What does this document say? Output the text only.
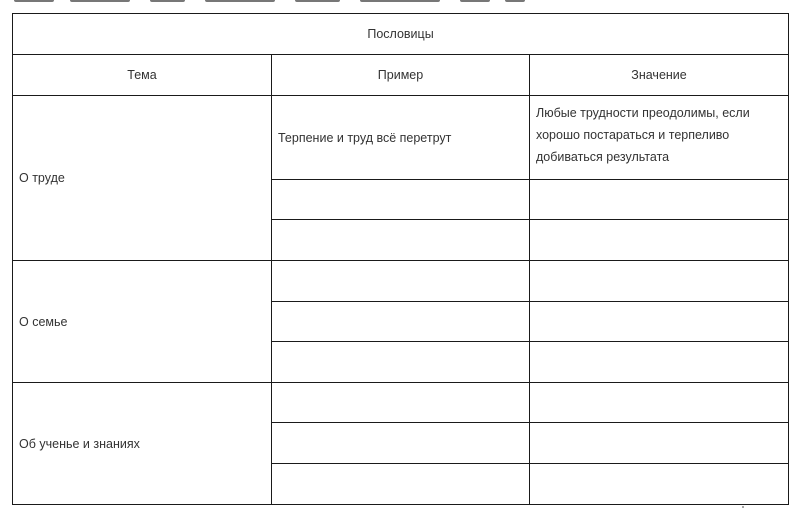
Пословицы		
Тема	Пример	Значение
О труде	Терпение и труд всё перетрут	Любые трудности преодолимы, если хорошо постараться и терпеливо добиваться результата

О семье		

Об ученье и знаниях		
